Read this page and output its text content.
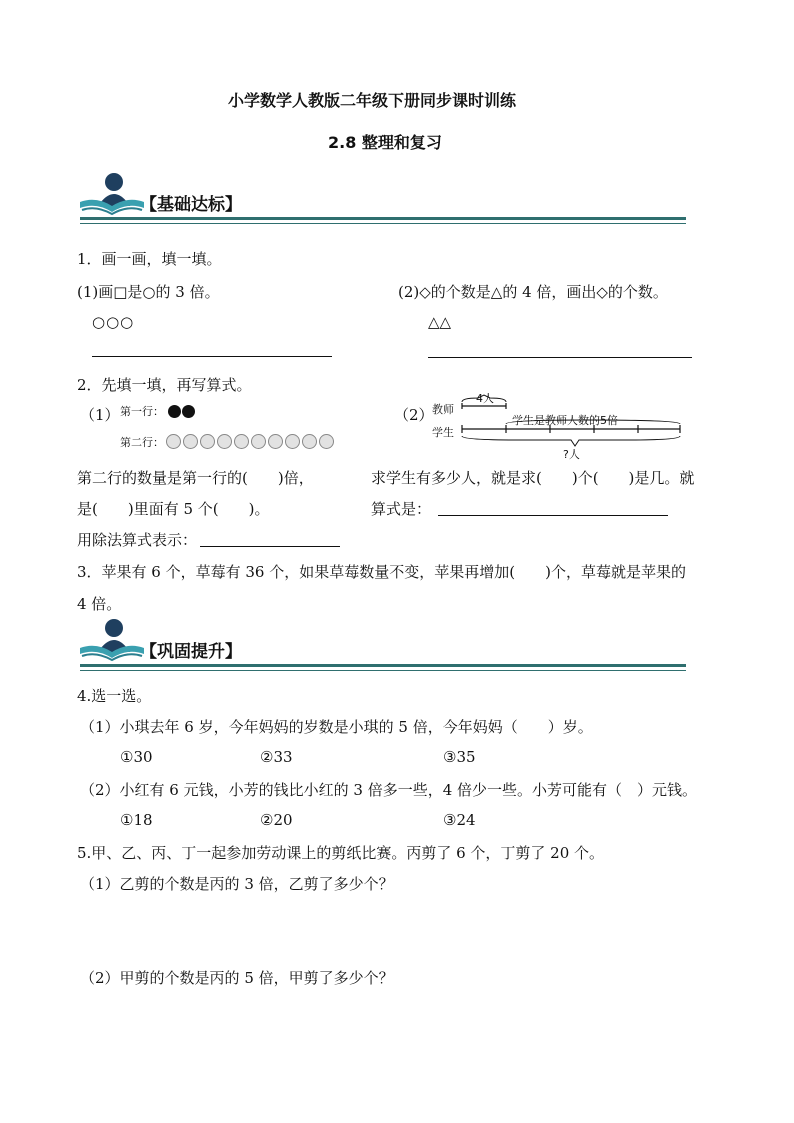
小学数学人教版二年级下册同步课时训练
2.8 整理和复习
【基础达标】
1．画一画，填一填。
(1)画□是○的 3 倍。
○○○
(2)◇的个数是△的 4 倍，画出◇的个数。
△△
2．先填一填，再写算式。
（1） 第一行：
第二行：
（2）
教师
学生
4人
学生是教师人数的5倍
?人
第二行的数量是第一行的(　　)倍，	求学生有多少人，就是求(　　)个(　　)是几。就
是(　　)里面有 5 个(　　)。	算式是：
用除法算式表示：
3．苹果有 6 个，草莓有 36 个，如果草莓数量不变，苹果再增加(　　)个，草莓就是苹果的
4 倍。
【巩固提升】
4.选一选。
（1）小琪去年 6 岁，今年妈妈的岁数是小琪的 5 倍，今年妈妈（　　）岁。
①30	②33	③35
（2）小红有 6 元钱，小芳的钱比小红的 3 倍多一些，4 倍少一些。小芳可能有（　）元钱。
①18	②20	③24
5.甲、乙、丙、丁一起参加劳动课上的剪纸比赛。丙剪了 6 个，丁剪了 20 个。
（1）乙剪的个数是丙的 3 倍，乙剪了多少个？
（2）甲剪的个数是丙的 5 倍，甲剪了多少个？
